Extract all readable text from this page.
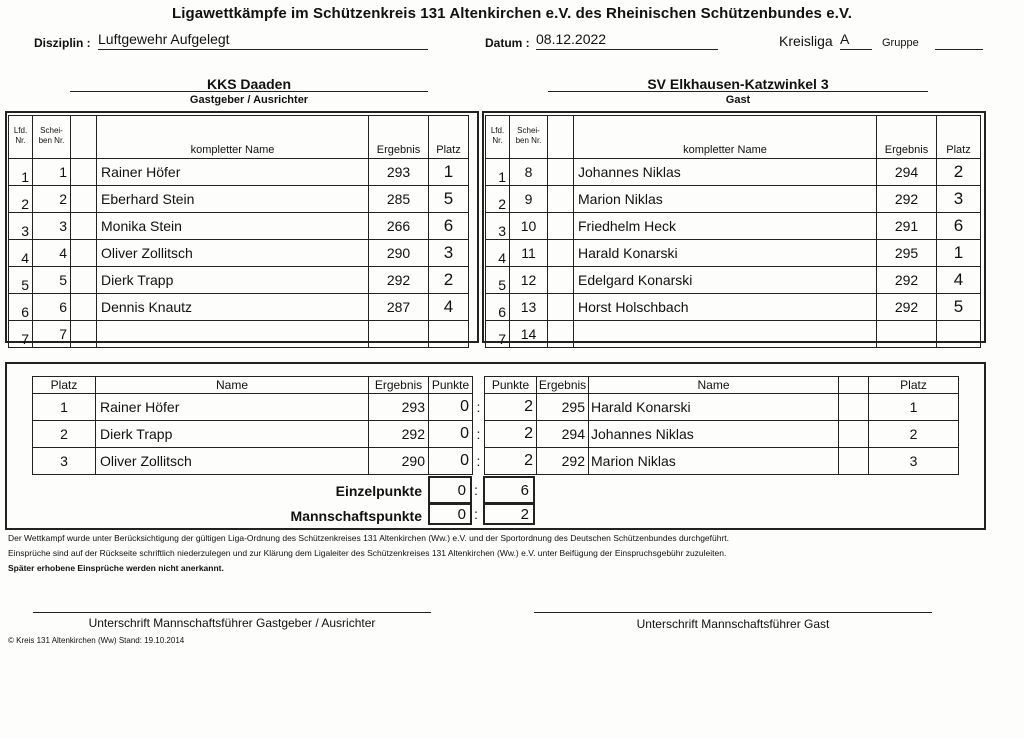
Ligawettkämpfe im Schützenkreis 131 Altenkirchen e.V. des Rheinischen Schützenbundes e.V.
Disziplin : Luftgewehr Aufgelegt	Datum : 08.12.2022	Kreisliga A	Gruppe
KKS Daaden
Gastgeber / Ausrichter
SV Elkhausen-Katzwinkel 3
Gast
Lfd.
Nr.	Schei-
ben Nr.		kompletter Name	Ergebnis	Platz
1	1		Rainer Höfer	293	1
2	2		Eberhard Stein	285	5
3	3		Monika Stein	266	6
4	4		Oliver Zollitsch	290	3
5	5		Dierk Trapp	292	2
6	6		Dennis Knautz	287	4
7	7				
Lfd.
Nr.	Schei-
ben Nr.		kompletter Name	Ergebnis	Platz
1	8		Johannes Niklas	294	2
2	9		Marion Niklas	292	3
3	10		Friedhelm Heck	291	6
4	11		Harald Konarski	295	1
5	12		Edelgard Konarski	292	4
6	13		Horst Holschbach	292	5
7	14				
Platz	Name	Ergebnis	Punkte		Punkte	Ergebnis	Name		Platz
1	Rainer Höfer	293	0	:	2	295	Harald Konarski		1
2	Dierk Trapp	292	0	:	2	294	Johannes Niklas		2
3	Oliver Zollitsch	290	0	:	2	292	Marion Niklas		3
Einzelpunkte	0 :	6
Mannschaftspunkte	0 :	2
Der Wettkampf wurde unter Berücksichtigung der gültigen Liga-Ordnung des Schützenkreises 131 Altenkirchen (Ww.) e.V. und der Sportordnung des Deutschen Schützenbundes durchgeführt.
Einsprüche sind auf der Rückseite schriftlich niederzulegen und zur Klärung dem Ligaleiter des Schützenkreises 131 Altenkirchen (Ww.) e.V. unter Beifügung der Einspruchsgebühr zuzuleiten.
Später erhobene Einsprüche werden nicht anerkannt.
Unterschrift Mannschaftsführer Gastgeber / Ausrichter	Unterschrift Mannschaftsführer Gast
© Kreis 131 Altenkirchen (Ww) Stand: 19.10.2014
